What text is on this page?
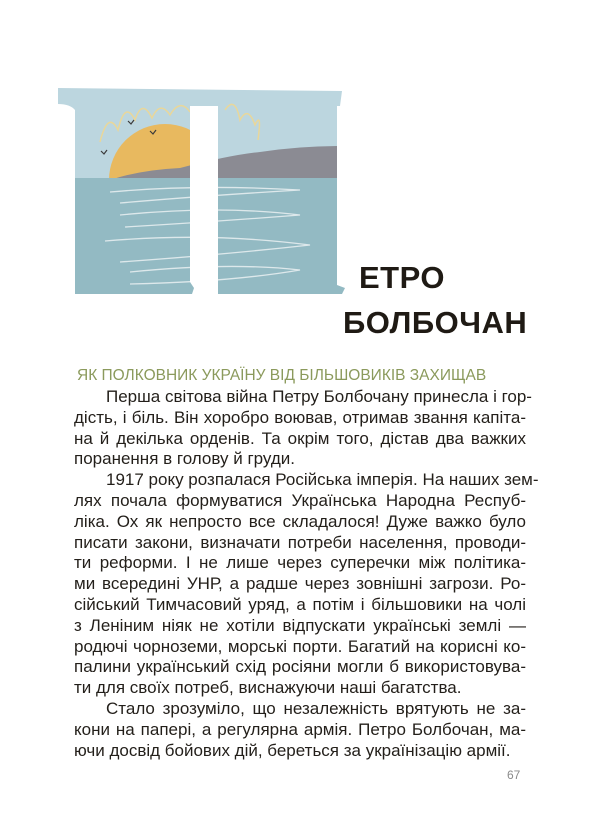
ЕТРО
БОЛБОЧАН
ЯК ПОЛКОВНИК УКРАЇНУ ВІД БІЛЬШОВИКІВ ЗАХИЩАВ
Перша світова війна Петру Болбочану принесла і гор-
дість, і біль. Він хоробро воював, отримав звання капіта-
на й декілька орденів. Та окрім того, дістав два важких
поранення в голову й груди.
1917 року розпалася Російська імперія. На наших зем-
лях почала формуватися Українська Народна Респуб-
ліка. Ох як непросто все складалося! Дуже важко було
писати закони, визначати потреби населення, проводи-
ти реформи. І не лише через суперечки між політика-
ми всередині УНР, а радше через зовнішні загрози. Ро-
сійський Тимчасовий уряд, а потім і більшовики на чолі
з Леніним ніяк не хотіли відпускати українські землі —
родючі чорноземи, морські порти. Багатий на корисні ко-
палини український схід росіяни могли б використовува-
ти для своїх потреб, виснажуючи наші багатства.
Стало зрозуміло, що незалежність врятують не за-
кони на папері, а регулярна армія. Петро Болбочан, ма-
ючи досвід бойових дій, береться за українізацію армії.
67
